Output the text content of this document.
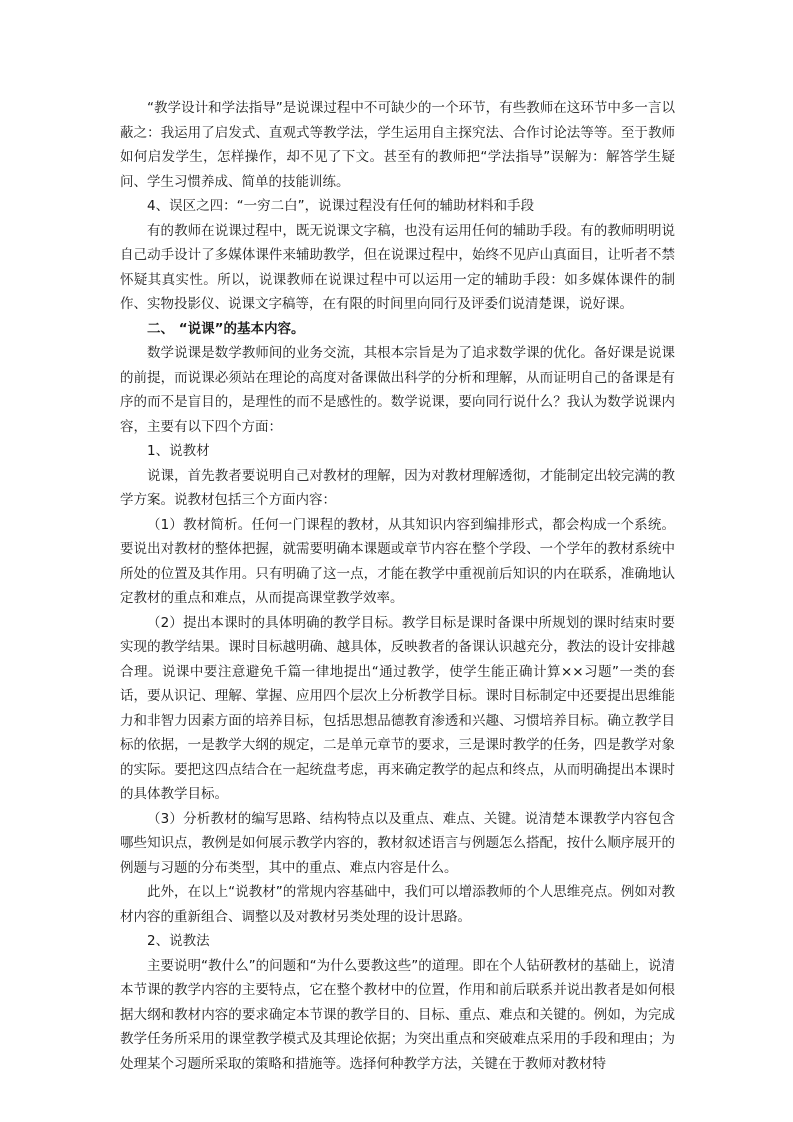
“教学设计和学法指导”是说课过程中不可缺少的一个环节，有些教师在这环节中多一言以蔽之：我运用了启发式、直观式等教学法，学生运用自主探究法、合作讨论法等等。至于教师如何启发学生，怎样操作，却不见了下文。甚至有的教师把“学法指导”误解为：解答学生疑问、学生习惯养成、简单的技能训练。

4、误区之四：“一穷二白”，说课过程没有任何的辅助材料和手段

有的教师在说课过程中，既无说课文字稿，也没有运用任何的辅助手段。有的教师明明说自己动手设计了多媒体课件来辅助教学，但在说课过程中，始终不见庐山真面目，让听者不禁怀疑其真实性。所以，说课教师在说课过程中可以运用一定的辅助手段：如多媒体课件的制作、实物投影仪、说课文字稿等，在有限的时间里向同行及评委们说清楚课，说好课。

二、 “说课”的基本内容。

数学说课是数学教师间的业务交流，其根本宗旨是为了追求数学课的优化。备好课是说课的前提，而说课必须站在理论的高度对备课做出科学的分析和理解，从而证明自己的备课是有序的而不是盲目的，是理性的而不是感性的。数学说课，要向同行说什么？我认为数学说课内容，主要有以下四个方面：

1、说教材

说课，首先教者要说明自己对教材的理解，因为对教材理解透彻，才能制定出较完满的教学方案。说教材包括三个方面内容：

（1）教材简析。任何一门课程的教材，从其知识内容到编排形式，都会构成一个系统。要说出对教材的整体把握，就需要明确本课题或章节内容在整个学段、一个学年的教材系统中所处的位置及其作用。只有明确了这一点，才能在教学中重视前后知识的内在联系，准确地认定教材的重点和难点，从而提高课堂教学效率。

（2）提出本课时的具体明确的教学目标。教学目标是课时备课中所规划的课时结束时要实现的教学结果。课时目标越明确、越具体，反映教者的备课认识越充分，教法的设计安排越合理。说课中要注意避免千篇一律地提出“通过教学，使学生能正确计算××习题”一类的套话，要从识记、理解、掌握、应用四个层次上分析教学目标。课时目标制定中还要提出思维能力和非智力因素方面的培养目标，包括思想品德教育渗透和兴趣、习惯培养目标。确立教学目标的依据，一是教学大纲的规定，二是单元章节的要求，三是课时教学的任务，四是教学对象的实际。要把这四点结合在一起统盘考虑，再来确定教学的起点和终点，从而明确提出本课时的具体教学目标。

（3）分析教材的编写思路、结构特点以及重点、难点、关键。说清楚本课教学内容包含哪些知识点，教例是如何展示教学内容的，教材叙述语言与例题怎么搭配，按什么顺序展开的例题与习题的分布类型，其中的重点、难点内容是什么。

此外，在以上“说教材”的常规内容基础中，我们可以增添教师的个人思维亮点。例如对教材内容的重新组合、调整以及对教材另类处理的设计思路。

2、说教法

主要说明“教什么”的问题和“为什么要教这些”的道理。即在个人钻研教材的基础上，说清本节课的教学内容的主要特点，它在整个教材中的位置，作用和前后联系并说出教者是如何根据大纲和教材内容的要求确定本节课的教学目的、目标、重点、难点和关键的。例如，为完成教学任务所采用的课堂教学模式及其理论依据；为突出重点和突破难点采用的手段和理由；为处理某个习题所采取的策略和措施等。选择何种教学方法，关键在于教师对教材特
